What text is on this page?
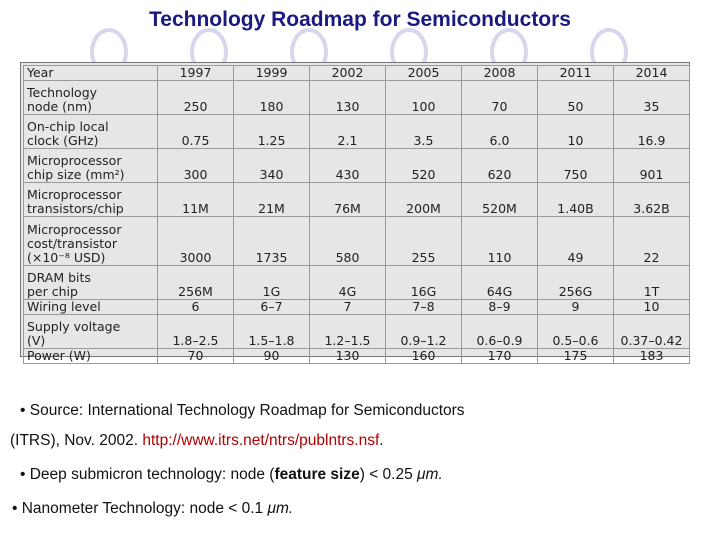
Technology Roadmap for Semiconductors
Year	1997	1999	2002	2005	2008	2011	2014
Technology
node (nm)	250	180	130	100	70	50	35
On-chip local
clock (GHz)	0.75	1.25	2.1	3.5	6.0	10	16.9
Microprocessor
chip size (mm²)	300	340	430	520	620	750	901
Microprocessor
transistors/chip	11M	21M	76M	200M	520M	1.40B	3.62B
Microprocessor
cost/transistor
(×10⁻⁸ USD)	3000	1735	580	255	110	49	22
DRAM bits
per chip	256M	1G	4G	16G	64G	256G	1T
Wiring level	6	6–7	7	7–8	8–9	9	10
Supply voltage
(V)	1.8–2.5	1.5–1.8	1.2–1.5	0.9–1.2	0.6–0.9	0.5–0.6	0.37–0.42
Power (W)	70	90	130	160	170	175	183
• Source: International Technology Roadmap for Semiconductors
(ITRS), Nov. 2002. http://www.itrs.net/ntrs/publntrs.nsf.
• Deep submicron technology: node (feature size) < 0.25 μm.
• Nanometer Technology: node < 0.1 μm.
